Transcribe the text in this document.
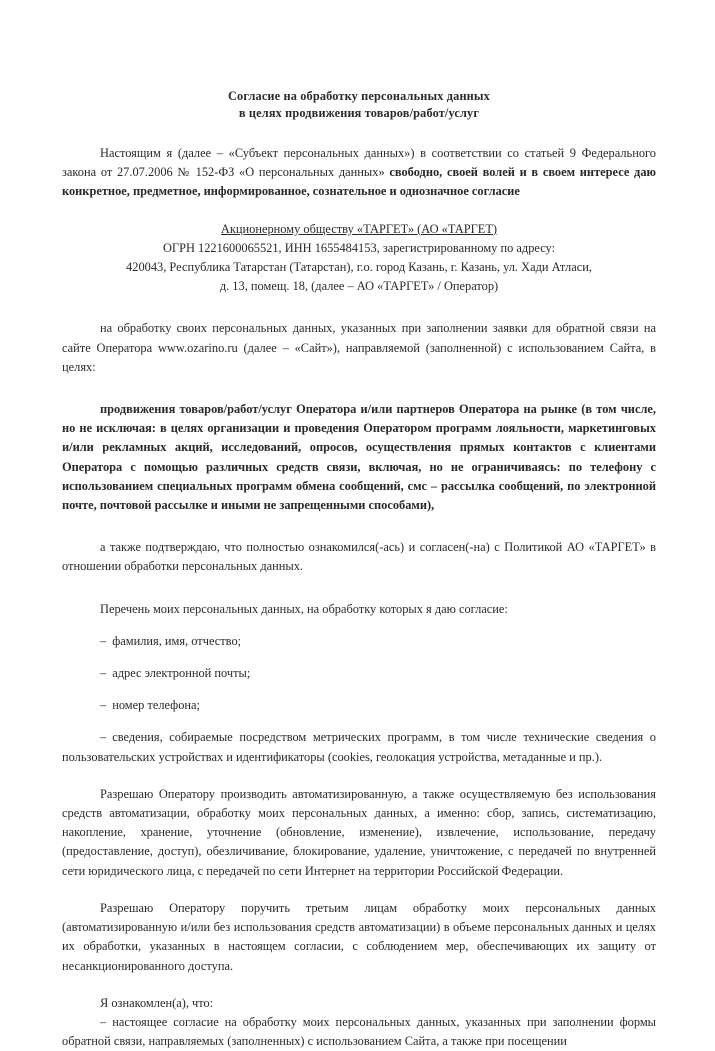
Согласие на обработку персональных данных
в целях продвижения товаров/работ/услуг

Настоящим я (далее – «Субъект персональных данных») в соответствии со статьей 9 Федерального закона от 27.07.2006 № 152-ФЗ «О персональных данных» свободно, своей волей и в своем интересе даю конкретное, предметное, информированное, сознательное и однозначное согласие

Акционерному обществу «ТАРГЕТ» (АО «ТАРГЕТ)

ОГРН 1221600065521, ИНН 1655484153, зарегистрированному по адресу:

420043, Республика Татарстан (Татарстан), г.о. город Казань, г. Казань, ул. Хади Атласи,

д. 13, помещ. 18, (далее – АО «ТАРГЕТ» / Оператор)

на обработку своих персональных данных, указанных при заполнении заявки для обратной связи на сайте Оператора www.ozarino.ru (далее – «Сайт»), направляемой (заполненной) с использованием Сайта, в целях:

продвижения товаров/работ/услуг Оператора и/или партнеров Оператора на рынке (в том числе, но не исключая: в целях организации и проведения Оператором программ лояльности, маркетинговых и/или рекламных акций, исследований, опросов, осуществления прямых контактов с клиентами Оператора с помощью различных средств связи, включая, но не ограничиваясь: по телефону с использованием специальных программ обмена сообщений, смс – рассылка сообщений, по электронной почте, почтовой рассылке и иными не запрещенными способами),

а также подтверждаю, что полностью ознакомился(-ась) и согласен(-на) с Политикой АО «ТАРГЕТ» в отношении обработки персональных данных.

Перечень моих персональных данных, на обработку которых я даю согласие:

– фамилия, имя, отчество;

– адрес электронной почты;

– номер телефона;

– сведения, собираемые посредством метрических программ, в том числе технические сведения о пользовательских устройствах и идентификаторы (cookies, геолокация устройства, метаданные и пр.).

Разрешаю Оператору производить автоматизированную, а также осуществляемую без использования средств автоматизации, обработку моих персональных данных, а именно: сбор, запись, систематизацию, накопление, хранение, уточнение (обновление, изменение), извлечение, использование, передачу (предоставление, доступ), обезличивание, блокирование, удаление, уничтожение, с передачей по внутренней сети юридического лица, с передачей по сети Интернет на территории Российской Федерации.

Разрешаю Оператору поручить третьим лицам обработку моих персональных данных (автоматизированную и/или без использования средств автоматизации) в объеме персональных данных и целях их обработки, указанных в настоящем согласии, с соблюдением мер, обеспечивающих их защиту от несанкционированного доступа.

Я ознакомлен(а), что:

– настоящее согласие на обработку моих персональных данных, указанных при заполнении формы обратной связи, направляемых (заполненных) с использованием Сайта, а также при посещении
